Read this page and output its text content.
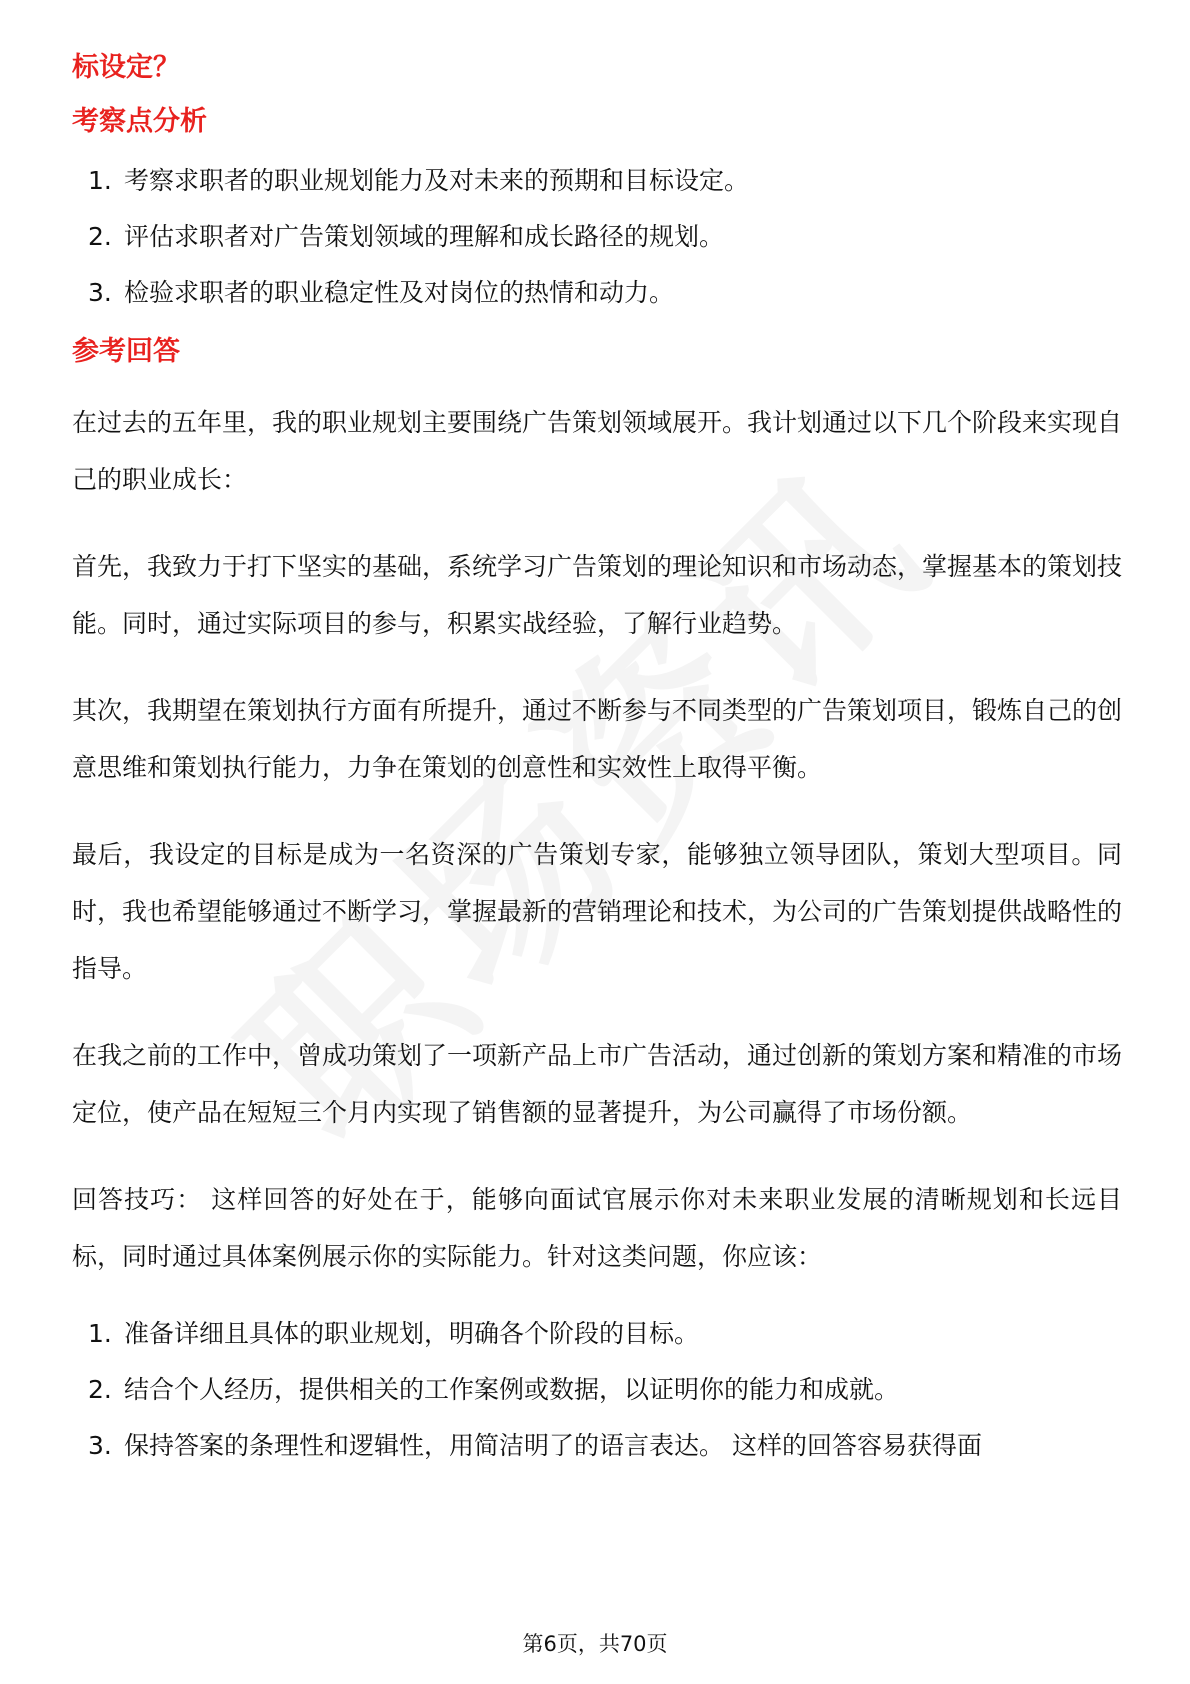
标设定？
考察点分析
1. 考察求职者的职业规划能力及对未来的预期和目标设定。
2. 评估求职者对广告策划领域的理解和成长路径的规划。
3. 检验求职者的职业稳定性及对岗位的热情和动力。
参考回答

在过去的五年里，我的职业规划主要围绕广告策划领域展开。我计划通过以下几个阶段来实现自己的职业成长：

首先，我致力于打下坚实的基础，系统学习广告策划的理论知识和市场动态，掌握基本的策划技能。同时，通过实际项目的参与，积累实战经验，了解行业趋势。

其次，我期望在策划执行方面有所提升，通过不断参与不同类型的广告策划项目，锻炼自己的创意思维和策划执行能力，力争在策划的创意性和实效性上取得平衡。

最后，我设定的目标是成为一名资深的广告策划专家，能够独立领导团队，策划大型项目。同时，我也希望能够通过不断学习，掌握最新的营销理论和技术，为公司的广告策划提供战略性的指导。

在我之前的工作中，曾成功策划了一项新产品上市广告活动，通过创新的策划方案和精准的市场定位，使产品在短短三个月内实现了销售额的显著提升，为公司赢得了市场份额。

回答技巧： 这样回答的好处在于，能够向面试官展示你对未来职业发展的清晰规划和长远目标，同时通过具体案例展示你的实际能力。针对这类问题，你应该：

1. 准备详细且具体的职业规划，明确各个阶段的目标。
2. 结合个人经历，提供相关的工作案例或数据，以证明你的能力和成就。
3. 保持答案的条理性和逻辑性，用简洁明了的语言表达。 这样的回答容易获得面
第6页，共70页
